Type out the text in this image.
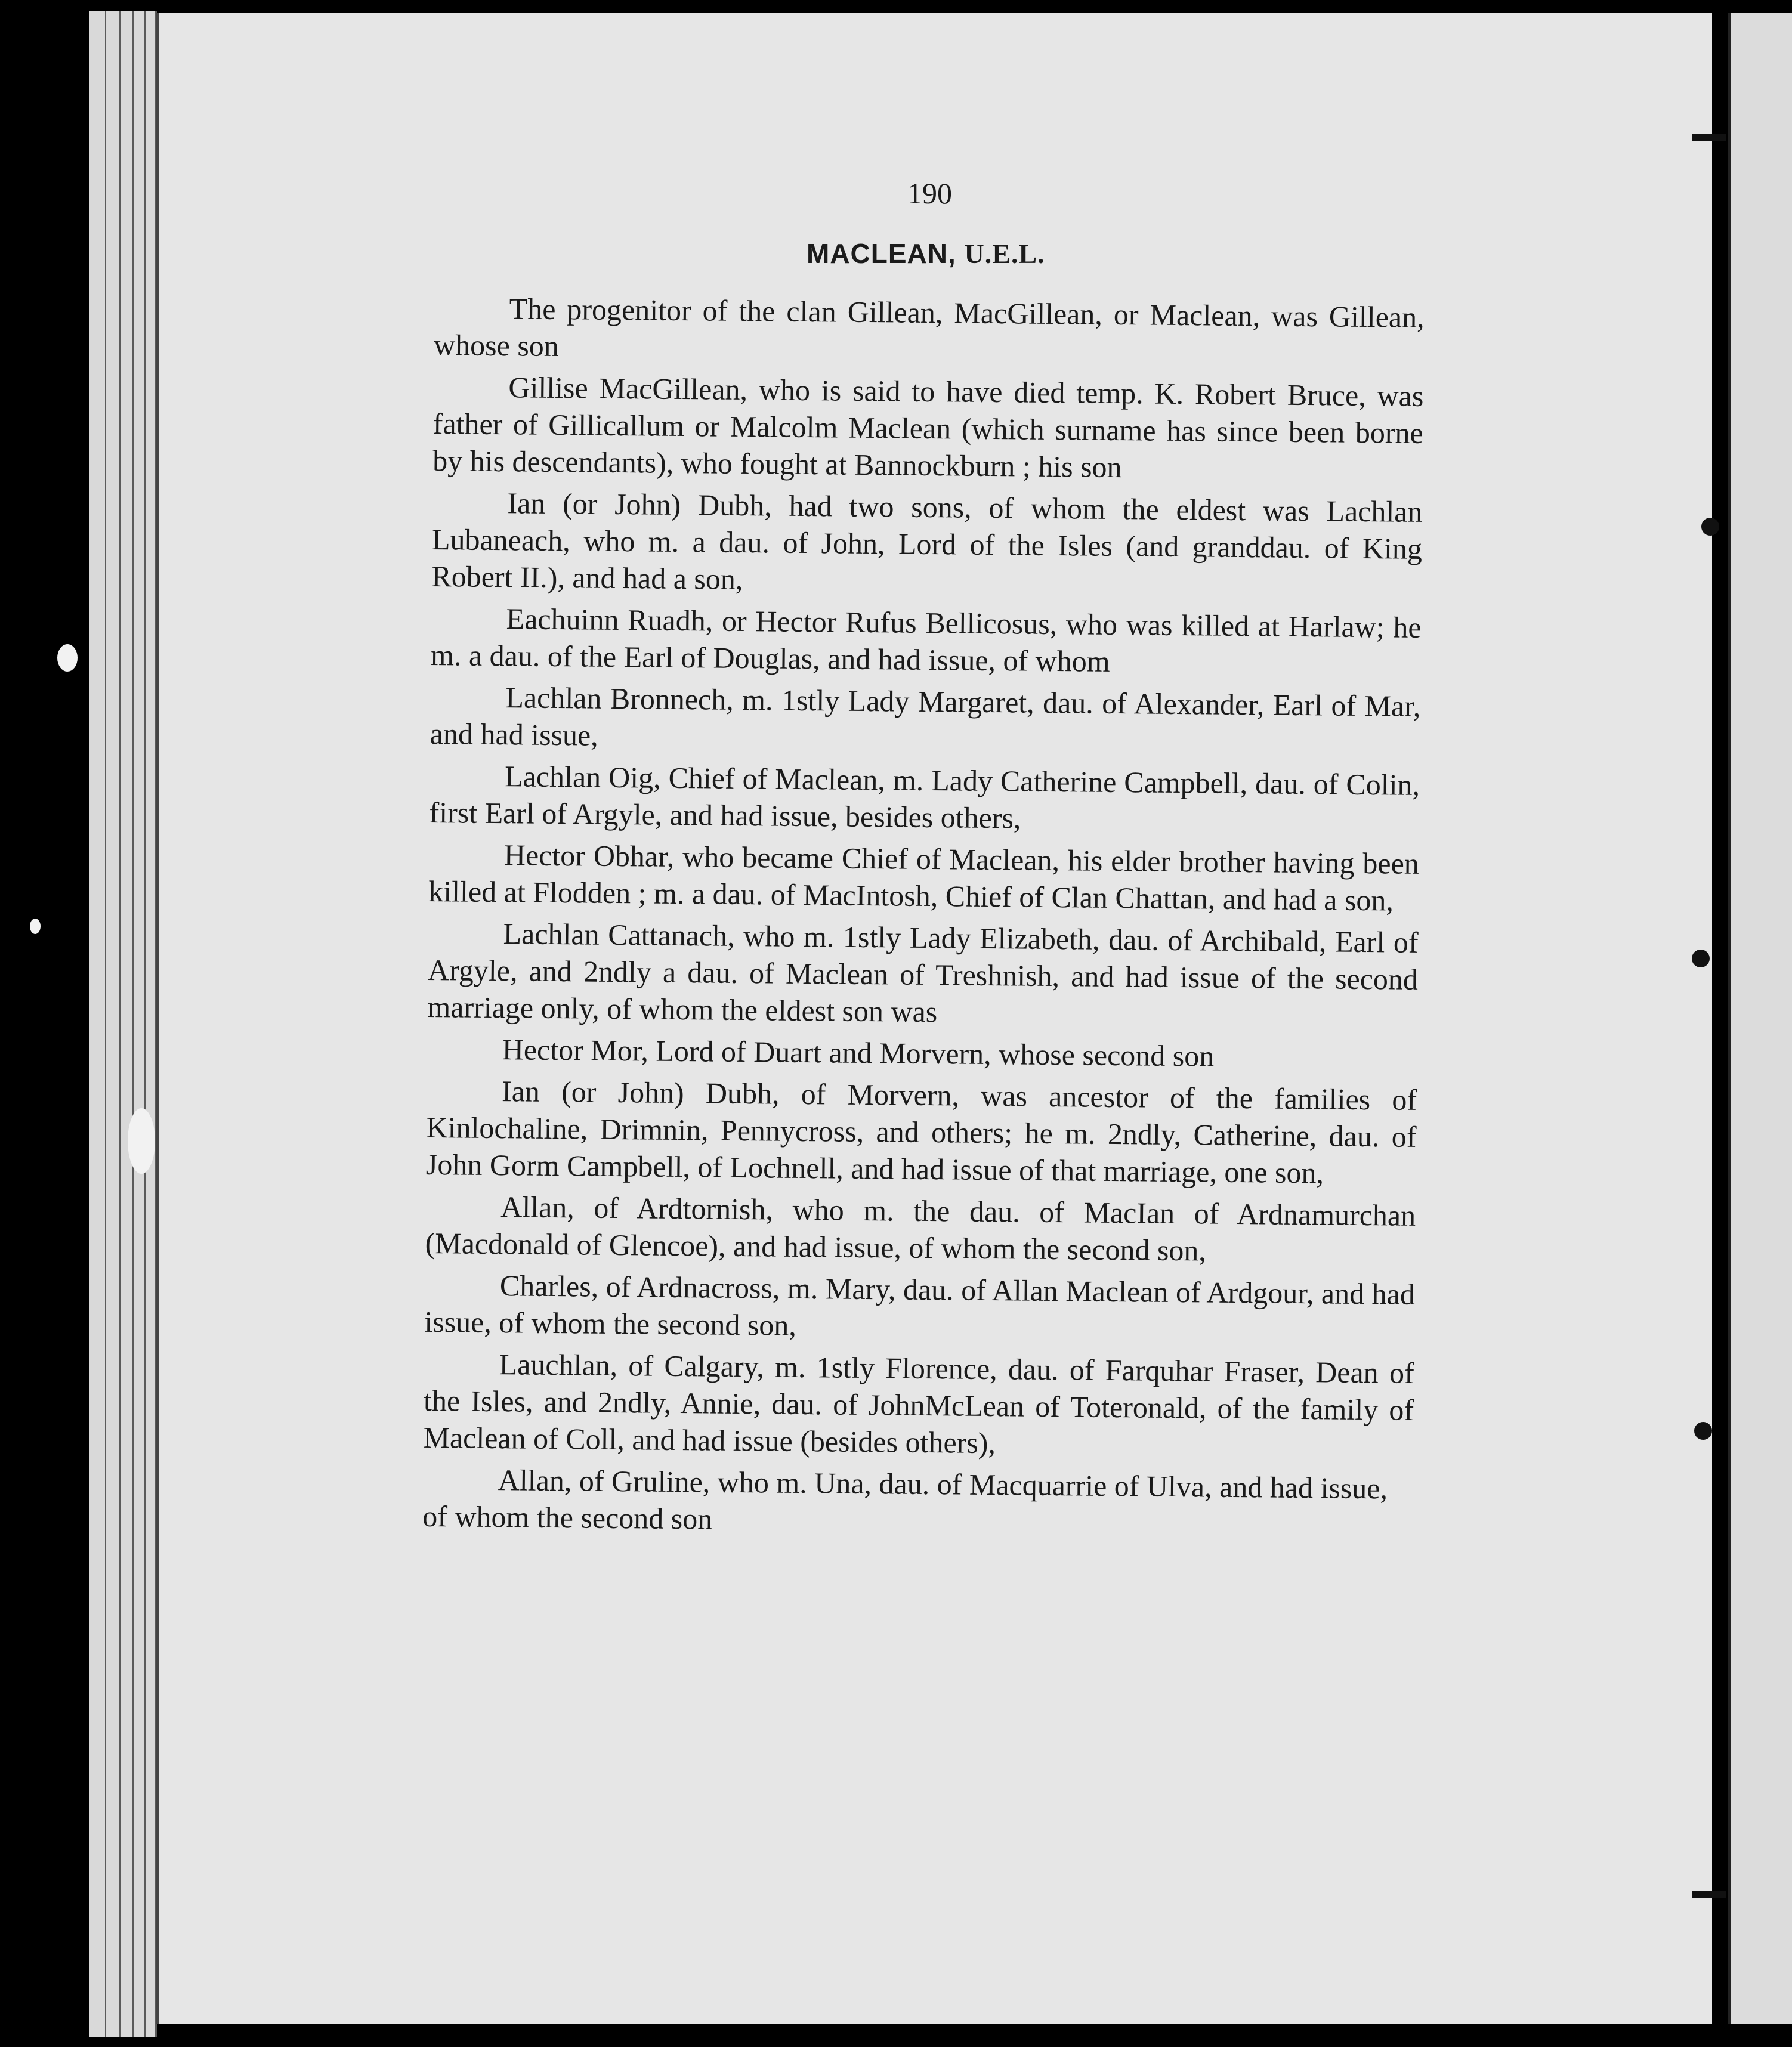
190
MACLEAN, U.E.L.

The progenitor of the clan Gillean, MacGillean, or Maclean, was Gillean, whose son

Gillise MacGillean, who is said to have died temp. K. Robert Bruce, was father of Gillicallum or Malcolm Maclean (which surname has since been borne by his descendants), who fought at Bannockburn ; his son

Ian (or John) Dubh, had two sons, of whom the eldest was Lachlan Lubaneach, who m. a dau. of John, Lord of the Isles (and granddau. of King Robert II.), and had a son,

Eachuinn Ruadh, or Hector Rufus Bellicosus, who was killed at Harlaw; he m. a dau. of the Earl of Douglas, and had issue, of whom

Lachlan Bronnech, m. 1stly Lady Margaret, dau. of Alexander, Earl of Mar, and had issue,

Lachlan Oig, Chief of Maclean, m. Lady Catherine Campbell, dau. of Colin, first Earl of Argyle, and had issue, besides others,

Hector Obhar, who became Chief of Maclean, his elder brother having been killed at Flodden ; m. a dau. of MacIntosh, Chief of Clan Chattan, and had a son,

Lachlan Cattanach, who m. 1stly Lady Elizabeth, dau. of Archibald, Earl of Argyle, and 2ndly a dau. of Maclean of Treshnish, and had issue of the second marriage only, of whom the eldest son was

Hector Mor, Lord of Duart and Morvern, whose second son

Ian (or John) Dubh, of Morvern, was ancestor of the families of Kinlochaline, Drimnin, Pennycross, and others; he m. 2ndly, Catherine, dau. of John Gorm Campbell, of Lochnell, and had issue of that marriage, one son,

Allan, of Ardtornish, who m. the dau. of MacIan of Ardnamurchan (Macdonald of Glencoe), and had issue, of whom the second son,

Charles, of Ardnacross, m. Mary, dau. of Allan Maclean of Ardgour, and had issue, of whom the second son,

Lauchlan, of Calgary, m. 1stly Florence, dau. of Farquhar Fraser, Dean of the Isles, and 2ndly, Annie, dau. of JohnMcLean of Toteronald, of the family of Maclean of Coll, and had issue (besides others),

Allan, of Gruline, who m. Una, dau. of Macquarrie of Ulva, and had issue, of whom the second son
